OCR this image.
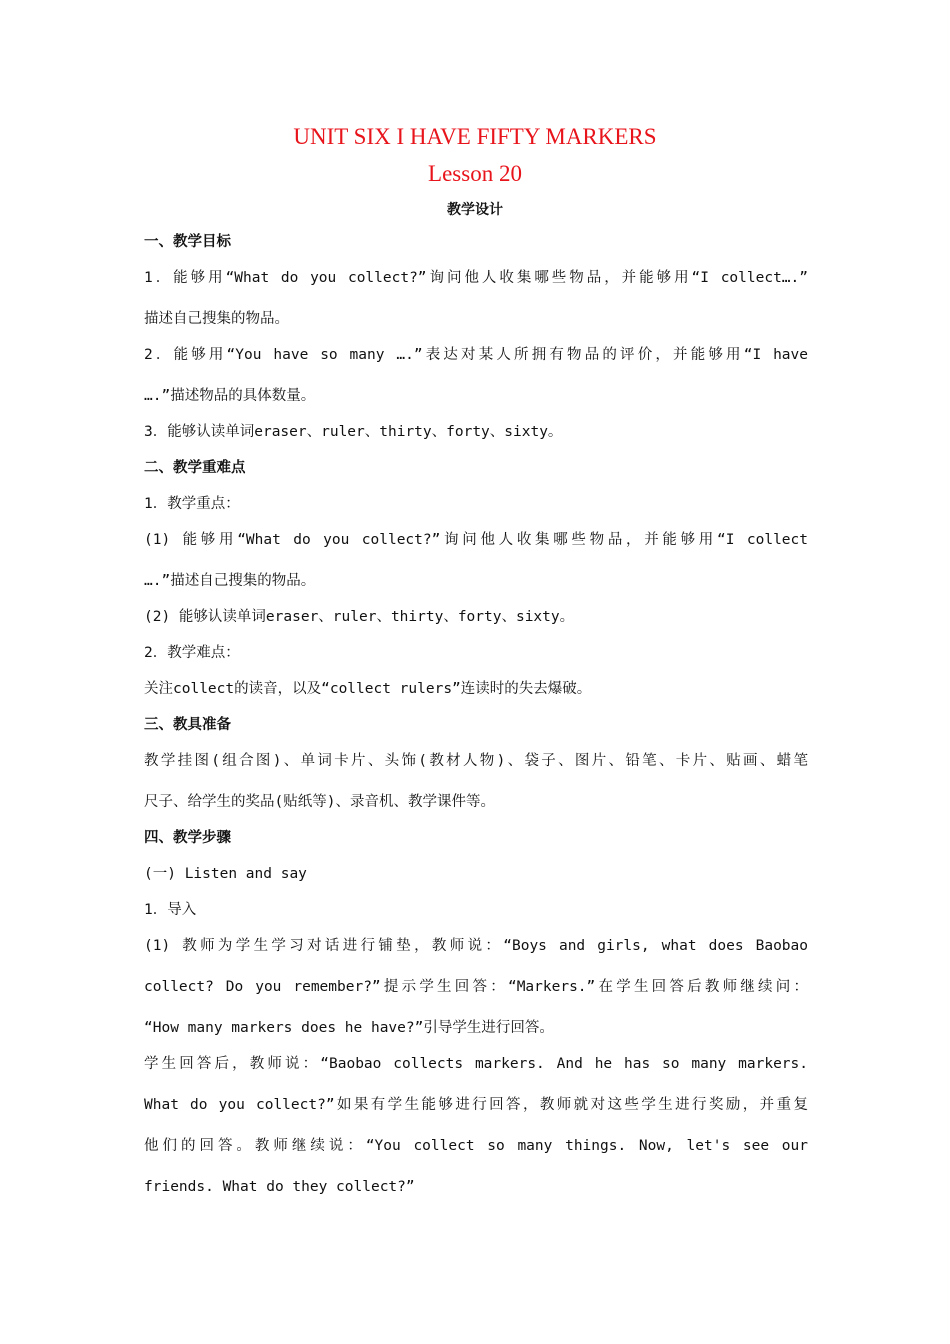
UNIT SIX I HAVE FIFTY MARKERS
Lesson 20
教学设计
一、教学目标
1．能够用“What do you collect?”询问他人收集哪些物品，并能够用“I collect….”
描述自己搜集的物品。
2．能够用“You have so many ….”表达对某人所拥有物品的评价，并能够用“I have
….”描述物品的具体数量。
3．能够认读单词eraser、ruler、thirty、forty、sixty。
二、教学重难点
1．教学重点：
(1) 能够用“What do you collect?”询问他人收集哪些物品，并能够用“I collect
….”描述自己搜集的物品。
(2) 能够认读单词eraser、ruler、thirty、forty、sixty。
2．教学难点：
关注collect的读音，以及“collect rulers”连读时的失去爆破。
三、教具准备
教学挂图(组合图)、单词卡片、头饰(教材人物)、袋子、图片、铅笔、卡片、贴画、蜡笔
尺子、给学生的奖品(贴纸等)、录音机、教学课件等。
四、教学步骤
(一) Listen and say
1．导入
(1) 教师为学生学习对话进行铺垫，教师说：“Boys and girls, what does Baobao
collect? Do you remember?”提示学生回答：“Markers.”在学生回答后教师继续问：
“How many markers does he have?”引导学生进行回答。
学生回答后，教师说：“Baobao collects markers. And he has so many markers.
What do you collect?”如果有学生能够进行回答，教师就对这些学生进行奖励，并重复
他们的回答。教师继续说：“You collect so many things. Now, let's see our
friends. What do they collect?”
